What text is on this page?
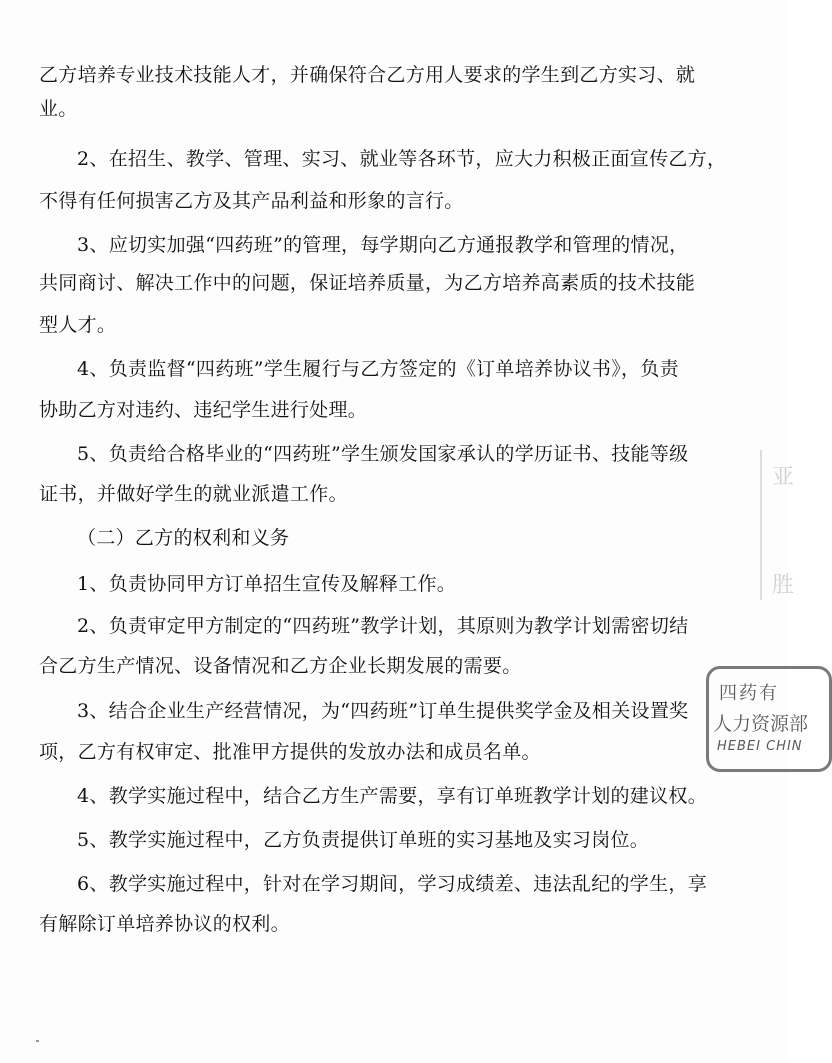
乙方培养专业技术技能人才，并确保符合乙方用人要求的学生到乙方实习、就
业。
2、在招生、教学、管理、实习、就业等各环节，应大力积极正面宣传乙方，
不得有任何损害乙方及其产品利益和形象的言行。
3、应切实加强“四药班”的管理，每学期向乙方通报教学和管理的情况，
共同商讨、解决工作中的问题，保证培养质量，为乙方培养高素质的技术技能
型人才。
4、负责监督“四药班”学生履行与乙方签定的《订单培养协议书》，负责
协助乙方对违约、违纪学生进行处理。
5、负责给合格毕业的“四药班”学生颁发国家承认的学历证书、技能等级
证书，并做好学生的就业派遣工作。
（二）乙方的权利和义务
1、负责协同甲方订单招生宣传及解释工作。
2、负责审定甲方制定的“四药班”教学计划，其原则为教学计划需密切结
合乙方生产情况、设备情况和乙方企业长期发展的需要。
3、结合企业生产经营情况，为“四药班”订单生提供奖学金及相关设置奖
项，乙方有权审定、批准甲方提供的发放办法和成员名单。
4、教学实施过程中，结合乙方生产需要，享有订单班教学计划的建议权。
5、教学实施过程中，乙方负责提供订单班的实习基地及实习岗位。
6、教学实施过程中，针对在学习期间，学习成绩差、违法乱纪的学生，享
有解除订单培养协议的权利。
亚
胜
四药有
人力资源部
HEBEI CHIN
